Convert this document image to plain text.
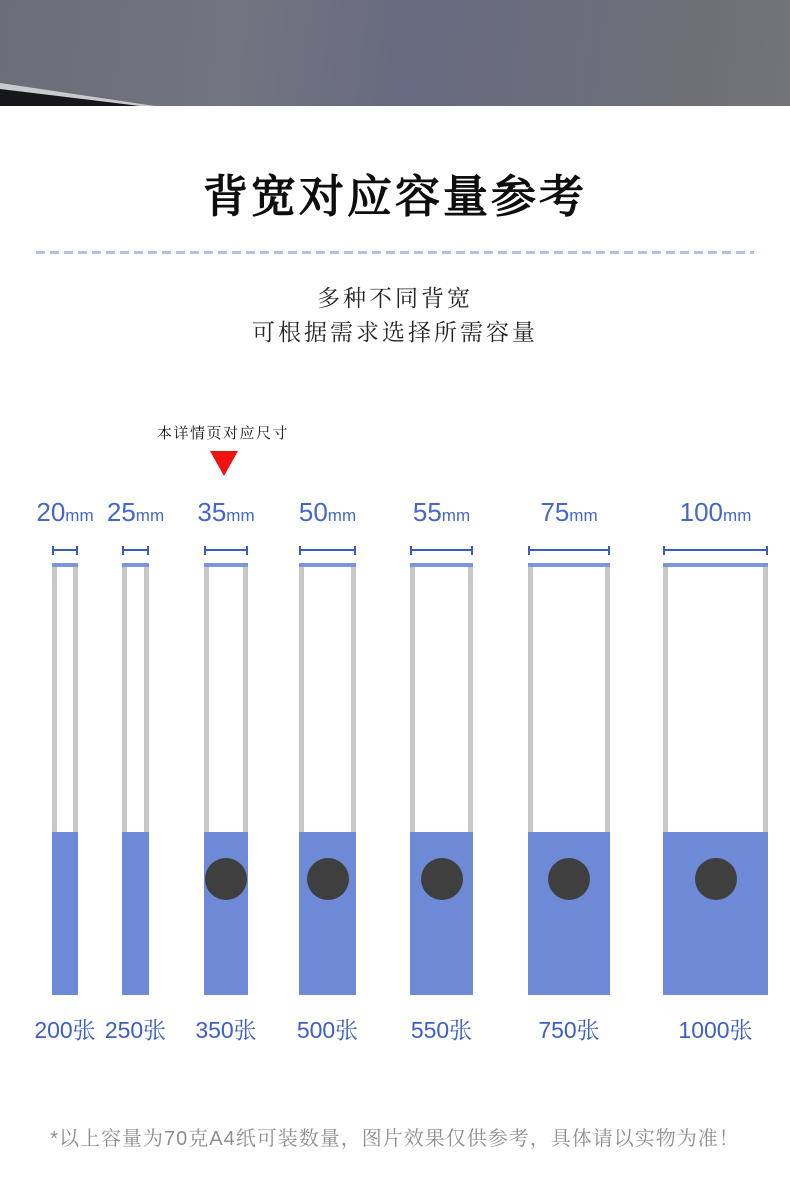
背宽对应容量参考
多种不同背宽
可根据需求选择所需容量
本详情页对应尺寸
20mm
200张
25mm
250张
35mm
350张
50mm
500张
55mm
550张
75mm
750张
100mm
1000张
*以上容量为70克A4纸可装数量，图片效果仅供参考，具体请以实物为准！
